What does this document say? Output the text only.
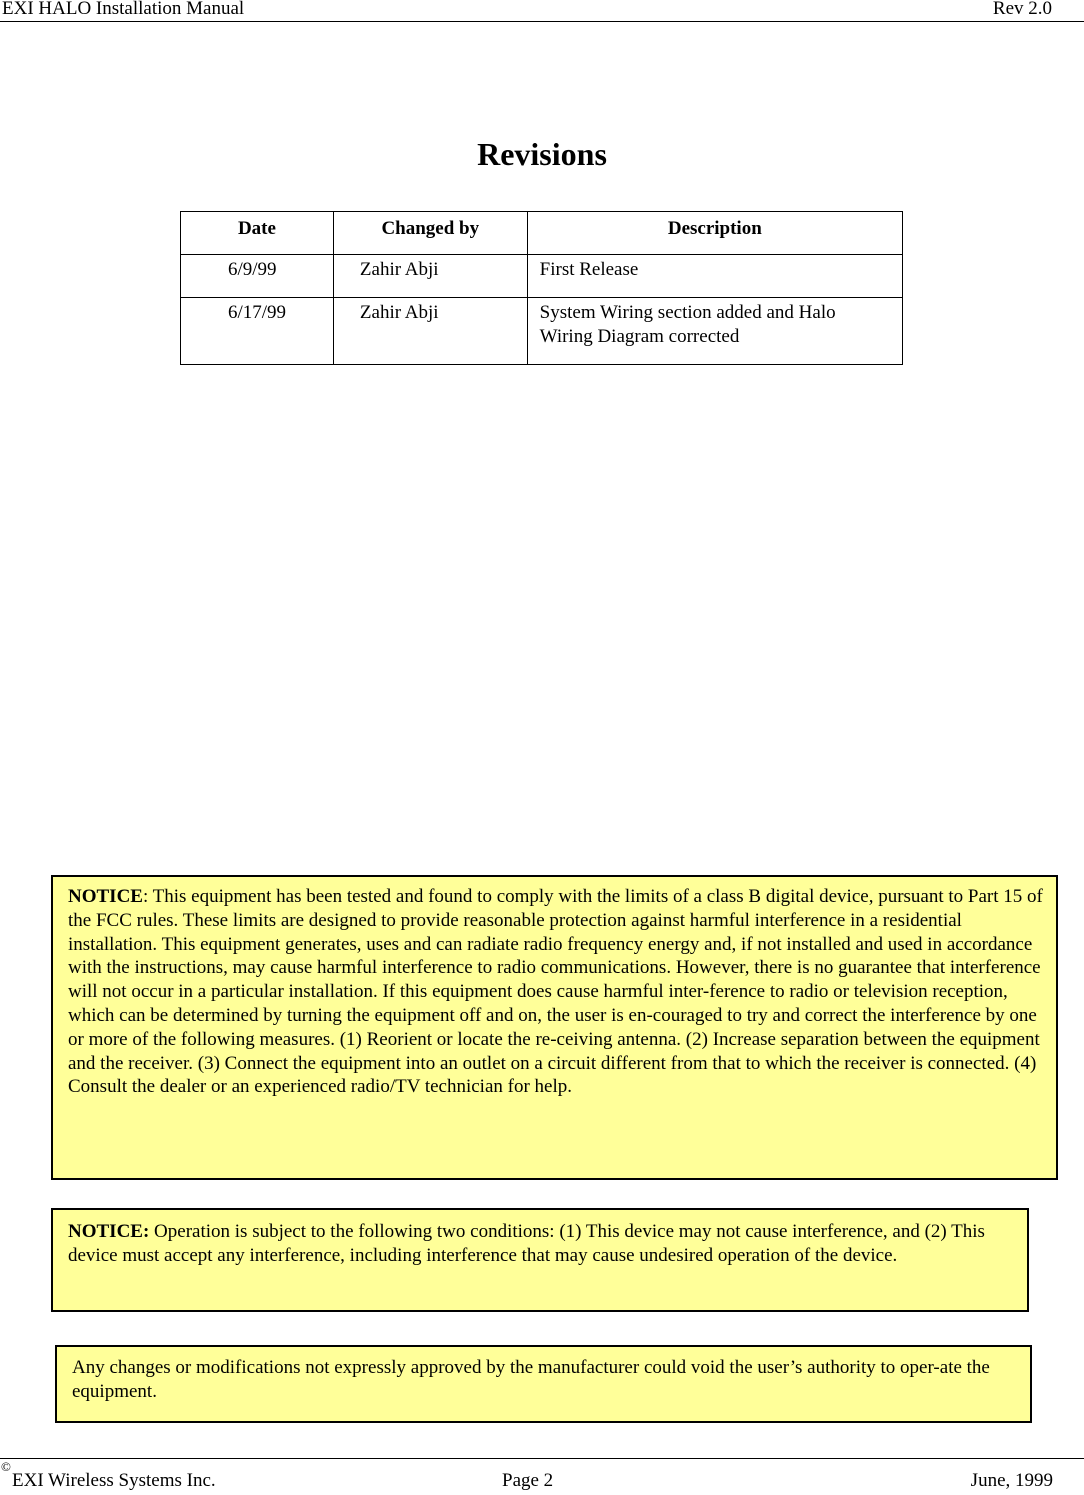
EXI HALO Installation Manual	Rev 2.0
Revisions
Date	Changed by	Description
6/9/99	Zahir Abji	First Release
6/17/99	Zahir Abji	System Wiring section added and Halo Wiring Diagram corrected
NOTICE: This equipment has been tested and found to comply with the limits of a class B digital device, pursuant to Part 15 of the FCC rules. These limits are designed to provide reasonable protection against harmful interference in a residential installation. This equipment generates, uses and can radiate radio frequency energy and, if not installed and used in accordance with the instructions, may cause harmful interference to radio communications. However, there is no guarantee that interference will not occur in a particular installation. If this equipment does cause harmful inter-ference to radio or television reception, which can be determined by turning the equipment off and on, the user is en-couraged to try and correct the interference by one or more of the following measures. (1) Reorient or locate the re-ceiving antenna. (2) Increase separation between the equipment and the receiver. (3) Connect the equipment into an outlet on a circuit different from that to which the receiver is connected. (4) Consult the dealer or an experienced radio/TV technician for help.
NOTICE: Operation is subject to the following two conditions: (1) This device may not cause interference, and (2) This device must accept any interference, including interference that may cause undesired operation of the device.
Any changes or modifications not expressly approved by the manufacturer could void the user’s authority to oper-ate the equipment.
©
EXI Wireless Systems Inc.	Page 2	June, 1999
